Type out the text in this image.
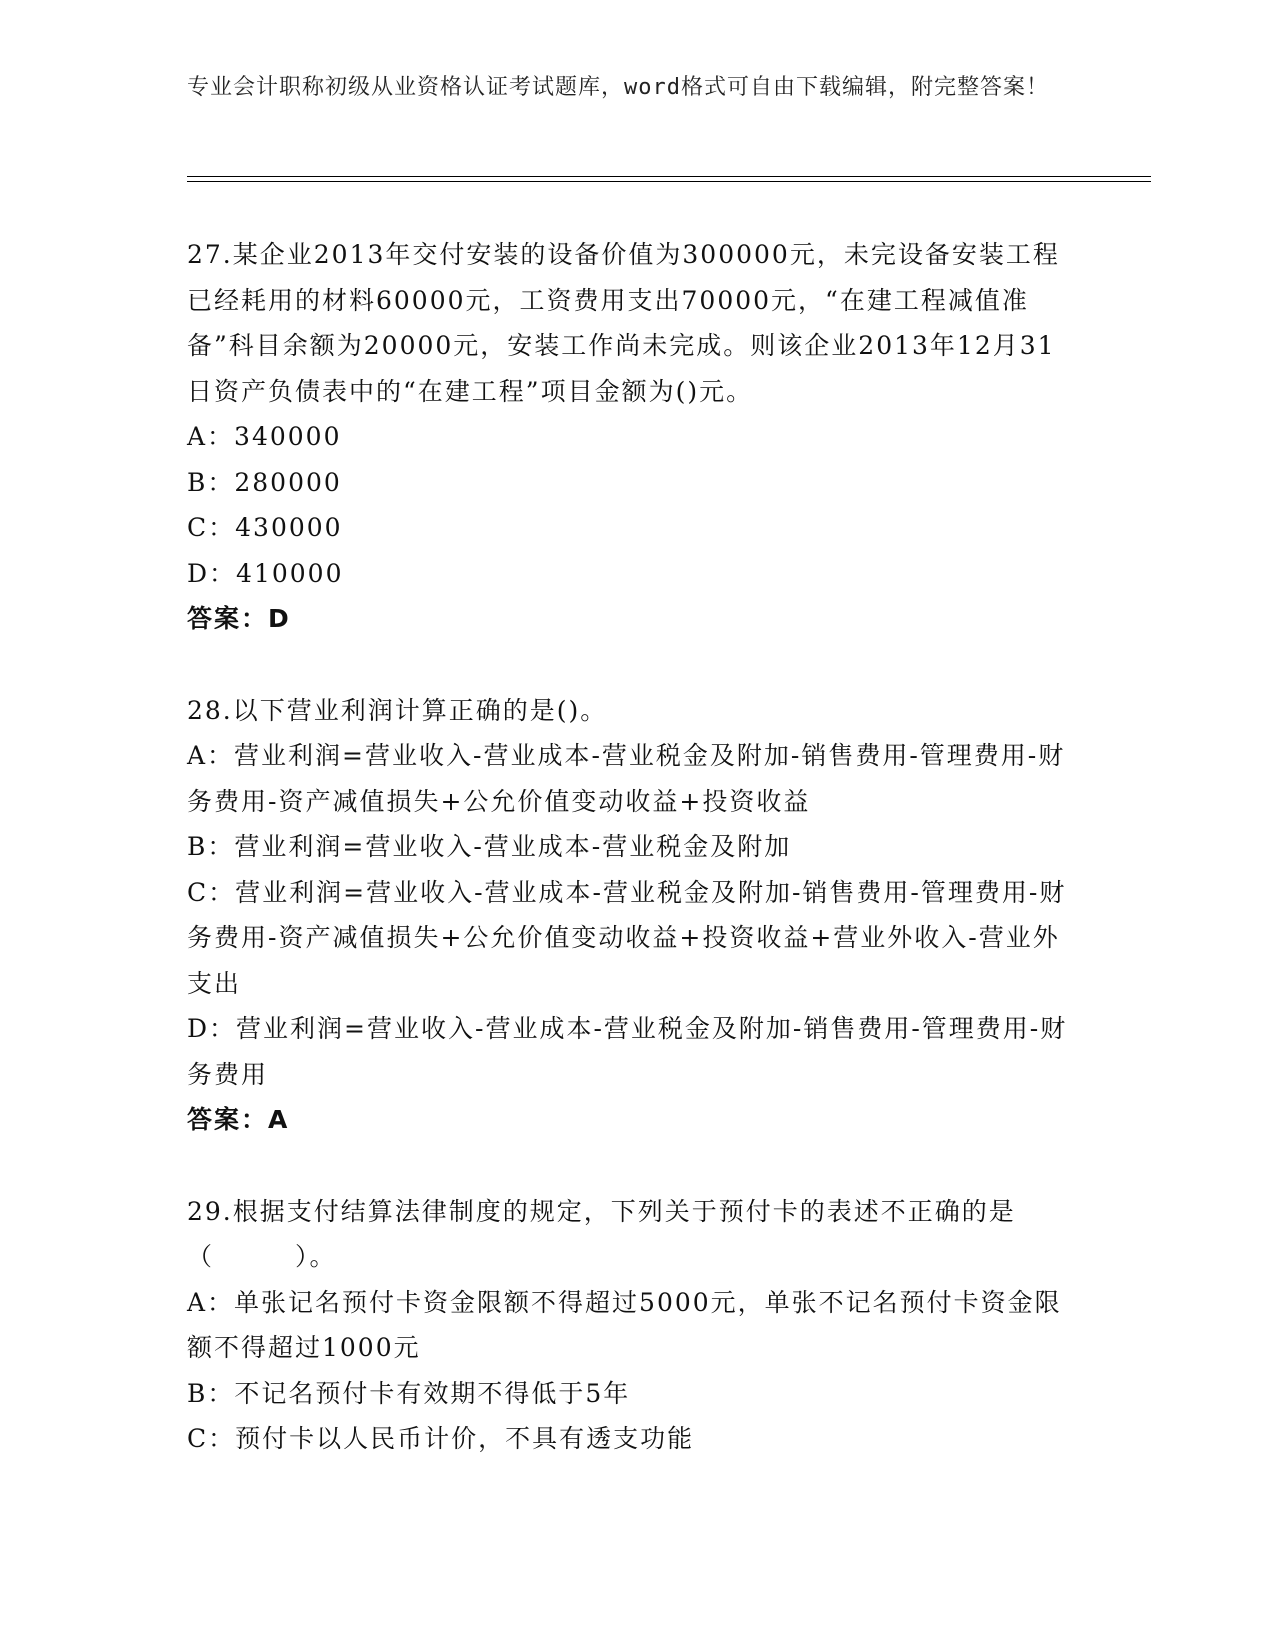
专业会计职称初级从业资格认证考试题库，word格式可自由下载编辑，附完整答案！
27.某企业2013年交付安装的设备价值为300000元，未完设备安装工程已经耗用的材料60000元，工资费用支出70000元，“在建工程减值准备”科目余额为20000元，安装工作尚未完成。则该企业2013年12月31日资产负债表中的“在建工程”项目金额为()元。
A：340000
B：280000
C：430000
D：410000
答案：D
28.以下营业利润计算正确的是()。
A：营业利润=营业收入-营业成本-营业税金及附加-销售费用-管理费用-财务费用-资产减值损失+公允价值变动收益+投资收益
B：营业利润=营业收入-营业成本-营业税金及附加
C：营业利润=营业收入-营业成本-营业税金及附加-销售费用-管理费用-财务费用-资产减值损失+公允价值变动收益+投资收益+营业外收入-营业外支出
D：营业利润=营业收入-营业成本-营业税金及附加-销售费用-管理费用-财务费用
答案：A
29.根据支付结算法律制度的规定，下列关于预付卡的表述不正确的是（　　　）。
A：单张记名预付卡资金限额不得超过5000元，单张不记名预付卡资金限额不得超过1000元
B：不记名预付卡有效期不得低于5年
C：预付卡以人民币计价，不具有透支功能
